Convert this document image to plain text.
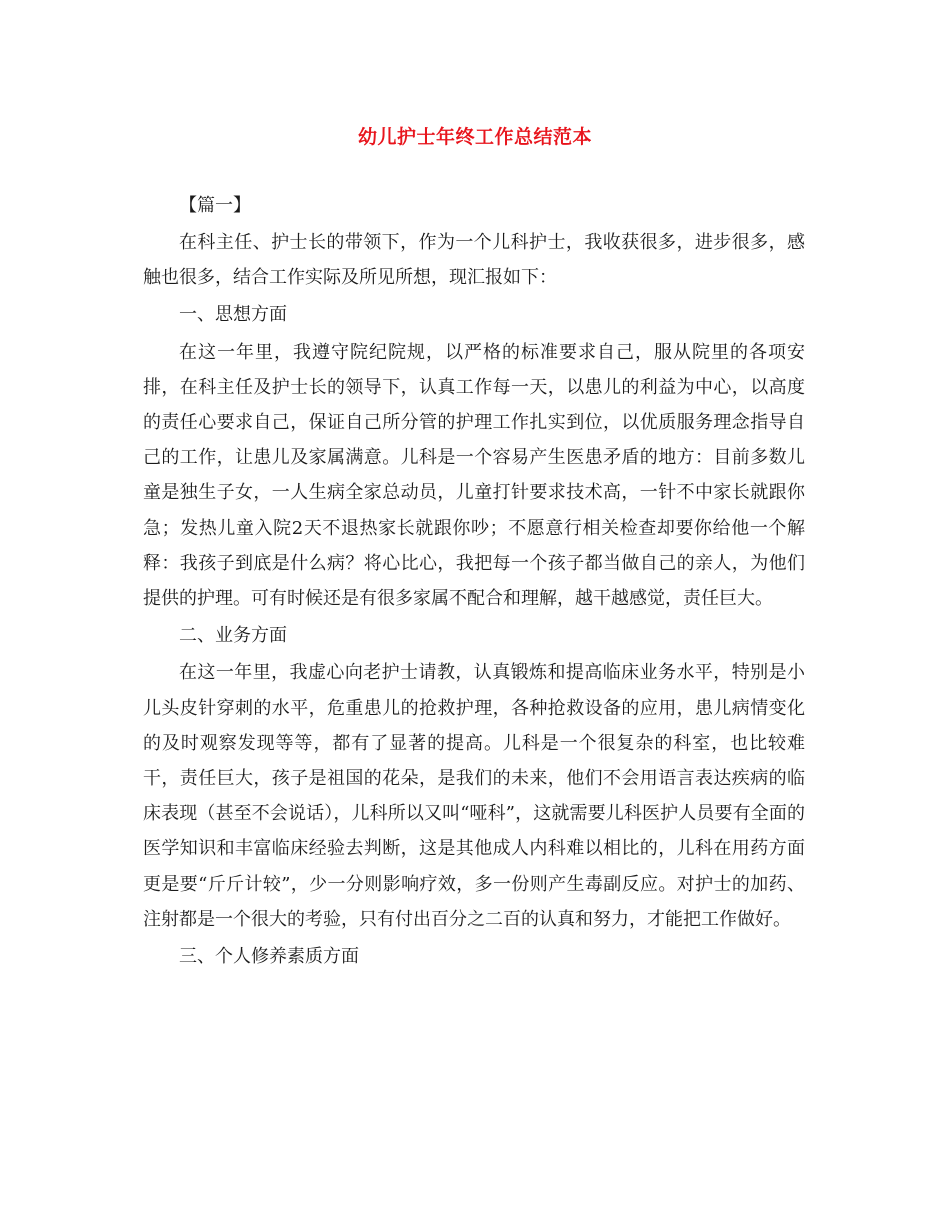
幼儿护士年终工作总结范本

【篇一】

在科主任、护士长的带领下，作为一个儿科护士，我收获很多，进步很多，感触也很多，结合工作实际及所见所想，现汇报如下：

一、思想方面

在这一年里，我遵守院纪院规，以严格的标准要求自己，服从院里的各项安排，在科主任及护士长的领导下，认真工作每一天，以患儿的利益为中心，以高度的责任心要求自己，保证自己所分管的护理工作扎实到位，以优质服务理念指导自己的工作，让患儿及家属满意。儿科是一个容易产生医患矛盾的地方：目前多数儿童是独生子女，一人生病全家总动员，儿童打针要求技术高，一针不中家长就跟你急；发热儿童入院2天不退热家长就跟你吵；不愿意行相关检查却要你给他一个解释：我孩子到底是什么病？将心比心，我把每一个孩子都当做自己的亲人，为他们提供的护理。可有时候还是有很多家属不配合和理解，越干越感觉，责任巨大。

二、业务方面

在这一年里，我虚心向老护士请教，认真锻炼和提高临床业务水平，特别是小儿头皮针穿刺的水平，危重患儿的抢救护理，各种抢救设备的应用，患儿病情变化的及时观察发现等等，都有了显著的提高。儿科是一个很复杂的科室，也比较难干，责任巨大，孩子是祖国的花朵，是我们的未来，他们不会用语言表达疾病的临床表现（甚至不会说话），儿科所以又叫“哑科”，这就需要儿科医护人员要有全面的医学知识和丰富临床经验去判断，这是其他成人内科难以相比的，儿科在用药方面更是要“斤斤计较”，少一分则影响疗效，多一份则产生毒副反应。对护士的加药、注射都是一个很大的考验，只有付出百分之二百的认真和努力，才能把工作做好。

三、个人修养素质方面
